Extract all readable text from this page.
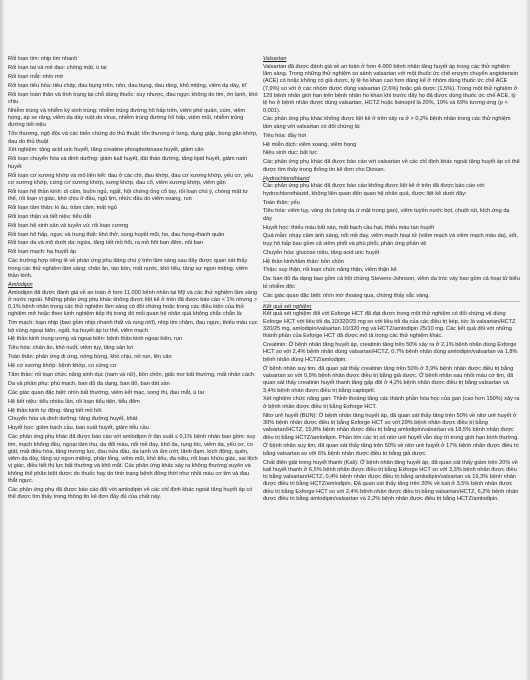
Rối loạn tim: nhịp tim nhanh

Rối loạn tai và mê đạo: chóng mặt, ù tai

Rối loạn mắt: nhìn mờ

Rối loạn tiêu hóa: tiêu chảy, đau bụng trên, nôn, đau bụng, đau răng, khô miệng, viêm dạ dày, trĩ

Rối loạn toàn thân và tình trạng tại chỗ dùng thuốc: suy nhược, đau ngực không do tim, ớn lạnh, khó chịu

Nhiễm trùng và nhiễm ký sinh trùng: nhiễm trùng đường hô hấp trên, viêm phế quản, cúm, viêm họng, áp xe răng, viêm dạ dày ruột do virus, nhiễm trùng đường hô hấp, viêm mũi, nhiễm trùng đường tiết niệu

Tổn thương, ngộ độc và các biến chứng do thủ thuật: tổn thương ở lưng, đụng giập, bong gân khớp, đau do thủ thuật

Xét nghiệm: tăng acid uric huyết, tăng creatine phosphokinase huyết, giảm cân

Rối loạn chuyển hóa và dinh dưỡng: giảm kali huyết, đái tháo đường, tăng lipid huyết, giảm natri huyết

Rối loạn cơ xương khớp và mô liên kết: đau ở các chi, đau khớp, đau cơ xương khớp, yếu cơ, yếu cơ xương khớp, cứng cơ xương khớp, sưng khớp, đau cổ, viêm xương khớp, viêm gân

Rối loạn hệ thần kinh: dị cảm, buồn ngủ, ngất, hội chứng ống cổ tay, rối loạn chú ý, chóng mặt tư thế, rối loạn vị giác, khó chịu ở đầu, ngủ lịm, nhức đầu do viêm xoang, run

Rối loạn tâm thần: lo âu, trầm cảm, mất ngủ

Rối loạn thận và tiết niệu: tiểu dắt

Rối loạn hệ sinh sản và tuyến vú: rối loạn cương

Rối loạn hô hấp, ngực và trung thất: khó thở, sung huyết mũi, ho, đau họng-thanh quản

Rối loạn da và mô dưới da: ngứa, tăng tiết mồ hôi, ra mồ hôi ban đêm, nổi ban

Rối loạn mạch: hạ huyết áp

Các trường hợp riêng lẻ về phản ứng phụ đáng chú ý trên lâm sàng sau đây được quan sát thấy trong các thử nghiệm lâm sàng: chân ăn, táo bón, mất nước, khó tiểu, tăng sự ngon miệng, viêm thần kinh.

Amlodipin

Amlodipin đã được đánh giá về an toàn ở hơn 11.000 bệnh nhân tại Mỹ và các thử nghiệm lâm sàng ở nước ngoài. Những phản ứng phụ khác không được liệt kê ở trên đã được báo cáo < 1% nhưng > 0,1% bệnh nhân trong các thử nghiệm lâm sàng có đối chứng hoặc trong các điều kiện của thử nghiệm mở hoặc theo kinh nghiệm tiếp thị trong đó mối quan hệ nhân quả không chắc chắn là:

Tim mạch: loạn nhịp (bao gồm nhịp nhanh thất và rung nhĩ), nhịp tim chậm, đau ngực, thiếu máu cục bộ vùng ngoại biên, ngất, hạ huyết áp tư thế, viêm mạch

Hệ thần kinh trung ương và ngoại biên: bệnh thần kinh ngoại biên, run

Tiêu hóa: chán ăn, khó nuốt, viêm tụy, tăng sản lợi

Toàn thân: phản ứng dị ứng, nóng bừng, khó chịu, rét run, lên cân

Hệ cơ xương khớp: bệnh khớp, co cứng cơ

Tâm thần: rối loạn chức năng sinh dục (nam và nữ), bồn chồn, giấc mơ bất thường, mất nhân cách

Da và phần phụ: phù mạch, ban đỏ đa dạng, ban đỏ, ban dát sần

Các giác quan đặc biệt: nhìn bất thường, viêm kết mạc, song thị, đau mắt, ù tai

Hệ tiết niệu: tiểu nhiều lần, rối loạn tiểu tiện, tiểu đêm

Hệ thần kinh tự động: tăng tiết mồ hôi

Chuyển hóa và dinh dưỡng: tăng đường huyết, khát

Huyết học: giảm bạch cầu, ban xuất huyết, giảm tiểu cầu

Các phản ứng phụ khác đã được báo cáo với amlodipin ở tần suất ≤ 0,1% bệnh nhân bao gồm: suy tim, mạch không đều, ngoại tâm thu, da đổi màu, nổi mề đay, khô da, rụng tóc, viêm da, yếu cơ, co giật, mất điều hòa, tăng trương lực, đau nửa đầu, da lạnh và ẩm ướt, lãnh đạm, kích động, quên, viêm dạ dày, tăng sự ngon miệng, phân lỏng, viêm mũi, khó tiểu, đa niệu, rối loạn khứu giác, sai lệch vị giác, điều tiết thị lực bất thường và khô mắt. Các phản ứng khác xảy ra không thường xuyên và không thể phân biệt được do thuốc hay do tình trạng bệnh đồng thời như nhồi máu cơ tim và đau thắt ngực.

Các phản ứng phụ đã được báo cáo đối với amlodipin về các chỉ định khác ngoài tăng huyết áp có thể được tìm thấy trong thông tin kê đơn đầy đủ của chất này.

Valsartan

Valsartan đã được đánh giá về an toàn ở hơn 4.000 bệnh nhân tăng huyết áp trong các thử nghiệm lâm sàng. Trong những thử nghiệm so sánh valsartan với một thuốc ức chế enzym chuyển angiotensin (ACE) có hoặc không có giả dược, tỷ lệ ho khan cao hơn đáng kể ở nhóm dùng thuốc ức chế ACE (7,9%) so với ở các nhóm được dùng valsartan (2,6%) hoặc giả dược (1,5%). Trong một thử nghiệm ở 129 bệnh nhân giới hạn trên bệnh nhân ho khan khi trước đây họ đã được dùng thuốc ức chế ACE, tỷ lệ ho ở bệnh nhân được dùng valsartan, HCTZ hoặc lisinopril là 20%, 19% và 69% tương ứng (p < 0,001).

Các phản ứng phụ khác không được liệt kê ở trên xảy ra ở > 0,2% bệnh nhân trong các thử nghiệm lâm sàng với valsartan có đối chứng là:

Tiêu hóa: đầy hơi

Hệ miễn dịch: viêm xoang, viêm họng

Niệu sinh dục: bất lực

Các phản ứng phụ khác đã được báo cáo với valsartan về các chỉ định khác ngoài tăng huyết áp có thể được tìm thấy trong thông tin kê đơn cho Diovan.

Hydrochlorothiazid

Các phản ứng phụ khác đã được báo cáo không được liệt kê ở trên đã được báo cáo với hydrochlorothiazid, không liên quan đến quan hệ nhân quả, được liệt kê dưới đây:

Toàn thân: yếu

Tiêu hóa: viêm tụy, vàng da (vàng da ứ mật trong gan), viêm tuyến nước bọt, chuột rút, kích ứng dạ dày

Huyết học: thiếu máu bất sản, mất bạch cầu hạt, thiếu máu tan huyết

Quá mẫn: nhạy cảm ánh sáng, nổi mề đay, viêm mạch hoại tử (viêm mạch và viêm mạch máu da), sốt, trụy hô hấp bao gồm cả viêm phổi và phù phổi, phản ứng phản vệ

Chuyển hóa: glucose niệu, tăng acid uric huyết

Hệ thần kinh/tâm thần: bồn chồn

Thận: suy thận, rối loạn chức năng thận, viêm thận kẽ

Da: ban đỏ đa dạng bao gồm cả hội chứng Stevens-Johnson, viêm da tróc vảy bao gồm cả hoại tử biểu bì nhiễm độc

Các giác quan đặc biệt: nhìn mờ thoáng qua, chứng thấy sắc vàng.

Kết quả xét nghiệm

Kết quả xét nghiệm đối với Exforge HCT đã đạt được trong một thử nghiệm có đối chứng vệ dùng Exforge HCT với liều tối đa 10/320/25 mg so với liều tối đa của các điều trị kép, tức là valsartan/HCTZ 320/25 mg, amlodipin/valsartan 10/320 mg và HCTZ/amlodipin 25/10 mg. Các kết quả đối với những thành phần của Exforge HCT đã được mô tả trong các thử nghiệm khác.

Creatinin: Ở bệnh nhân tăng huyết áp, creatinin tăng trên 50% xảy ra ở 2,1% bệnh nhân dùng Exforge HCT so với 2,4% bệnh nhân dùng valsartan/HCTZ, 0,7% bệnh nhân dùng amlodipin/valsartan và 1,8% bệnh nhân dùng HCTZ/amlodipin.

Ở bệnh nhân suy tim, đã quan sát thấy creatinin tăng trên 50% ở 3,9% bệnh nhân được điều trị bằng valsartan so với 0,9% bệnh nhân được điều trị bằng giả dược. Ở bệnh nhân sau nhồi máu cơ tim, đã quan sát thấy creatinin huyết thanh tăng gấp đôi ở 4,2% bệnh nhân được điều trị bằng valsartan và 3,4% bệnh nhân được điều trị bằng captopril.

Xét nghiệm chức năng gan: Thỉnh thoảng tăng các thành phần hóa học của gan (cao hơn 150%) xảy ra ở bệnh nhân được điều trị bằng Exforge HCT.

Nitơ urê huyết (BUN): Ở bệnh nhân tăng huyết áp, đã quan sát thấy tăng trên 50% về nitơ urê huyết ở 30% bệnh nhân được điều trị bằng Exforge HCT so với 29% bệnh nhân được điều trị bằng valsartan/HCTZ, 15,8% bệnh nhân được điều trị bằng amlodipin/valsartan và 18,5% bệnh nhân được điều trị bằng HCTZ/amlodipin. Phần lớn các trị số nitơ urê huyết vẫn duy trì trong giới hạn bình thường.

Ở bệnh nhân suy tim, đã quan sát thấy tăng trên 50% về nitơ urê huyết ở 17% bệnh nhân được điều trị bằng valsartan so với 6% bệnh nhân được điều trị bằng giả dược.

Chất điện giải trong huyết thanh (Kali): Ở bệnh nhân tăng huyết áp, đã quan sát thấy giảm trên 20% về kali huyết thanh ở 6,5% bệnh nhân được điều trị bằng Exforge HCT so với 3,3% bệnh nhân được điều trị bằng valsartan/HCTZ, 0,4% bệnh nhân được điều trị bằng amlodipin/valsartan và 19,3% bệnh nhân được điều trị bằng HCTZ/amlodipin. Đã quan sát thấy tăng trên 20% về kali ở 3,5% bệnh nhân được điều trị bằng Exforge HCT so với 2,4% bệnh nhân được điều trị bằng valsartan/HCTZ, 6,2% bệnh nhân được điều trị bằng amlodipin/valsartan và 2,2% bệnh nhân được điều trị bằng HCTZ/amlodipin.
